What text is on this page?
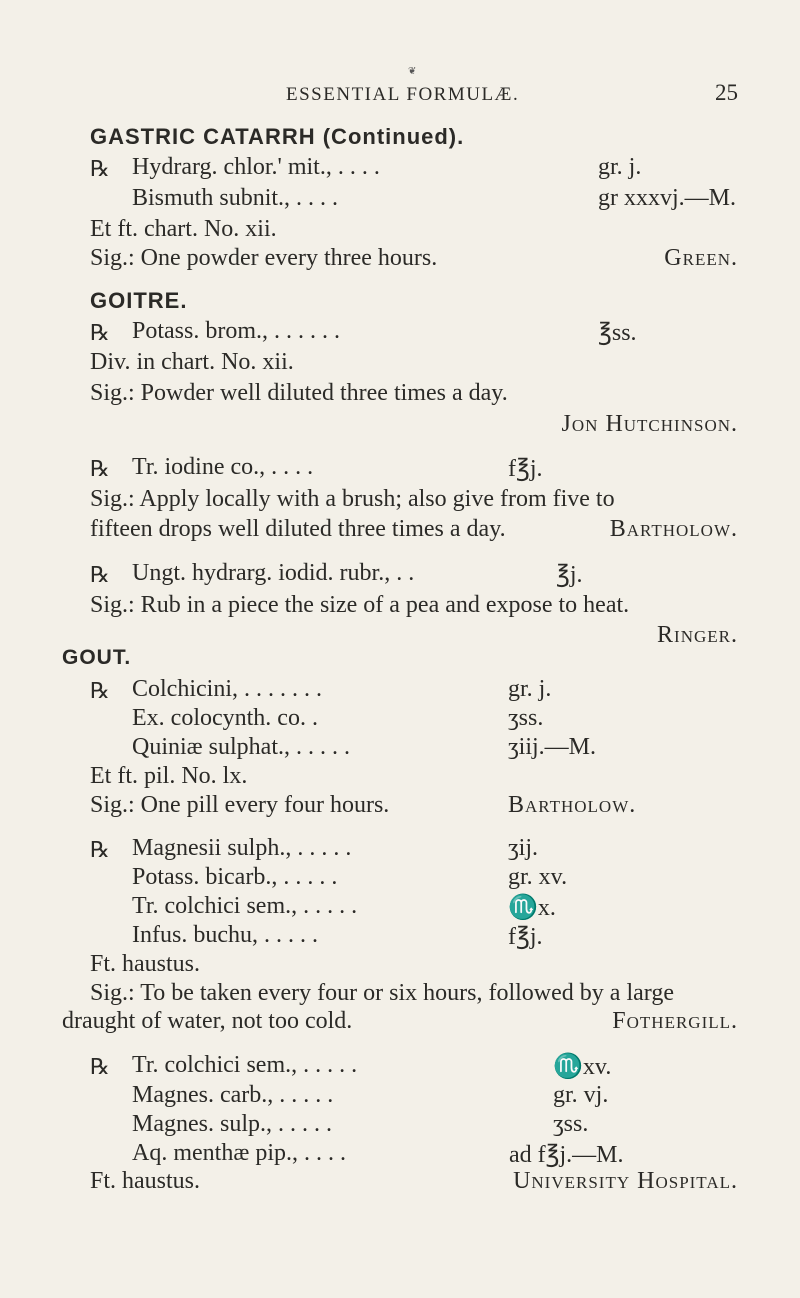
❦
ESSENTIAL FORMULÆ.	25
GASTRIC CATARRH (Continued).
℞ Hydrarg. chlor.' mit., . . . .	gr. j.
Bismuth subnit., . . . .	gr xxxvj.—M.
Et ft. chart. No. xii.
Sig.: One powder every three hours.	Green.
GOITRE.
℞ Potass. brom., . . . . . .	℥ss.
Div. in chart. No. xii.
Sig.: Powder well diluted three times a day.
Jon Hutchinson.
℞ Tr. iodine co., . . . .	f℥j.
Sig.: Apply locally with a brush; also give from five to
fifteen drops well diluted three times a day.	Bartholow.
℞ Ungt. hydrarg. iodid. rubr., . .	℥j.
Sig.: Rub in a piece the size of a pea and expose to heat.
Ringer.
GOUT.
℞ Colchicini, . . . . . . .	gr. j.
Ex. colocynth. co. .	ʒss.
Quiniæ sulphat., . . . . .	ʒiij.—M.
Et ft. pil. No. lx.
Sig.: One pill every four hours.	Bartholow.
℞ Magnesii sulph., . . . . .	ʒij.
Potass. bicarb., . . . . .	gr. xv.
Tr. colchici sem., . . . . .	♏x.
Infus. buchu, . . . . .	f℥j.
Ft. haustus.
Sig.: To be taken every four or six hours, followed by a large
draught of water, not too cold.	Fothergill.
℞ Tr. colchici sem., . . . . .	♏xv.
Magnes. carb., . . . . .	gr. vj.
Magnes. sulp., . . . . .	ʒss.
Aq. menthæ pip., . . . .	ad f℥j.—M.
Ft. haustus.	University Hospital.
